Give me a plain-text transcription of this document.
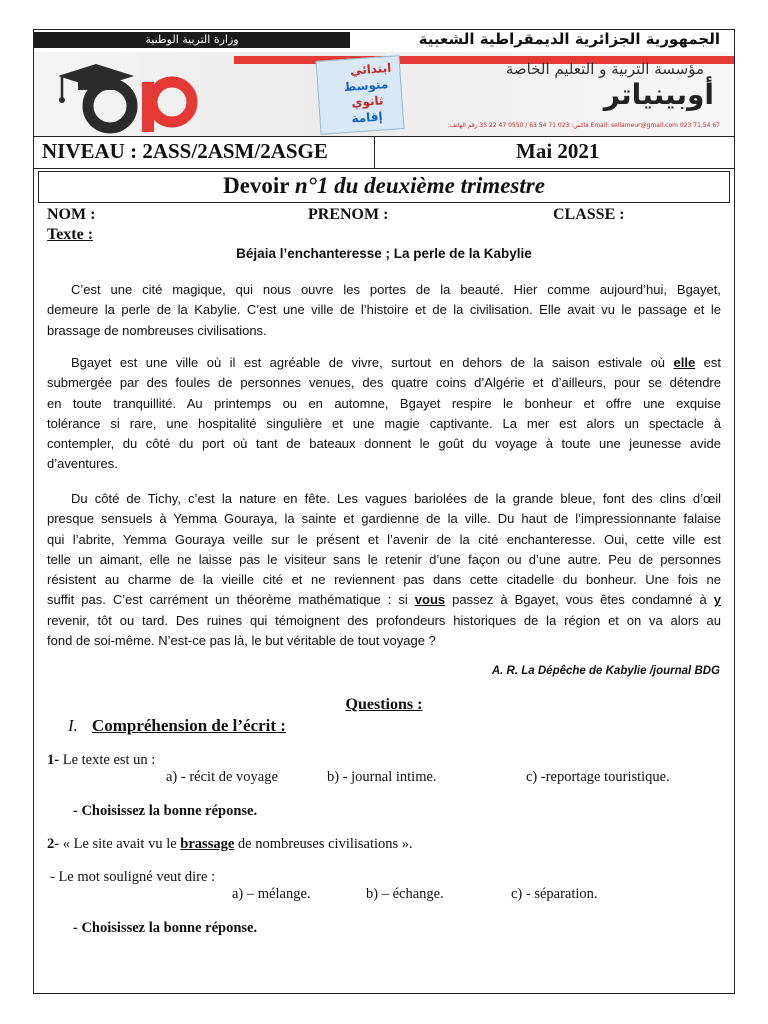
وزارة التربية الوطنية	الجمهورية الجزائرية الديمقراطية الشعبية
ابتدائي
متوسط
ثانوي
إقامة
مؤسسة التربية و التعليم الخاصة
أوبينياتر
Email: sellameur@gmail.com 023 71 54 67 فاكس: 023 71 54 63 / 0550 47 22 35 رقم الهاتف:
NIVEAU : 2ASS/2ASM/2ASGE	Mai 2021
Devoir n°1 du deuxième trimestre
NOM :	PRENOM :	CLASSE :
Texte :
Béjaia l’enchanteresse ; La perle de la Kabylie
C’est une cité magique, qui nous ouvre les portes de la beauté. Hier comme aujourd’hui, Bgayet,
demeure la perle de la Kabylie. C’est une ville de l’histoire et de la civilisation. Elle avait vu le passage et le
brassage de nombreuses civilisations.
Bgayet est une ville où il est agréable de vivre, surtout en dehors de la saison estivale où elle est
submergée par des foules de personnes venues, des quatre coins d’Algérie et d’ailleurs, pour se détendre
en toute tranquillité. Au printemps ou en automne, Bgayet respire le bonheur et offre une exquise
tolérance si rare, une hospitalité singulière et une magie captivante. La mer est alors un spectacle à
contempler, du côté du port où tant de bateaux donnent le goût du voyage à toute une jeunesse avide
d’aventures.
Du côté de Tichy, c’est la nature en fête. Les vagues bariolées de la grande bleue, font des clins d’œil
presque sensuels à Yemma Gouraya, la sainte et gardienne de la ville. Du haut de l’impressionnante falaise
qui l’abrite, Yemma Gouraya veille sur le présent et l’avenir de la cité enchanteresse. Oui, cette ville est
telle un aimant, elle ne laisse pas le visiteur sans le retenir d’une façon ou d’une autre. Peu de personnes
résistent au charme de la vieille cité et ne reviennent pas dans cette citadelle du bonheur. Une fois ne
suffit pas. C’est carrément un théorème mathématique : si vous passez à Bgayet, vous êtes condamné à y
revenir, tôt ou tard. Des ruines qui témoignent des profondeurs historiques de la région et on va alors au
fond de soi-même. N’est-ce pas là, le but véritable de tout voyage ?
A. R. La Dépêche de Kabylie /journal BDG
Questions :
I. Compréhension de l’écrit :
1- Le texte est un :
a) - récit de voyage	b) - journal intime.	c) -reportage touristique.
- Choisissez la bonne réponse.
2- « Le site avait vu le brassage de nombreuses civilisations ».
- Le mot souligné veut dire :
a) – mélange.	b) – échange.	c) - séparation.
- Choisissez la bonne réponse.
